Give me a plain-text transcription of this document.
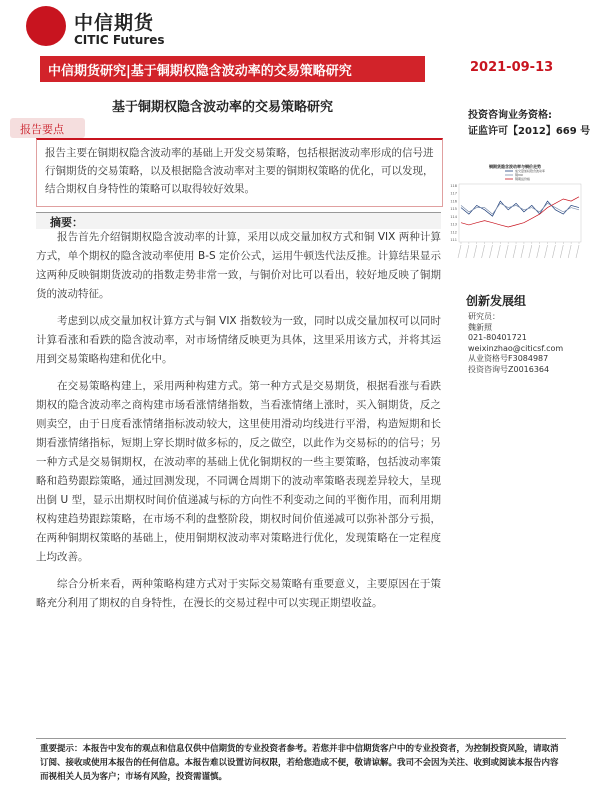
中信期货
CITIC Futures
中信期货研究|基于铜期权隐含波动率的交易策略研究	2021-09-13
基于铜期权隐含波动率的交易策略研究
投资咨询业务资格:
证监许可【2012】669 号
报告要点
报告主要在铜期权隐含波动率的基础上开发交易策略，包括根据波动率形成的信号进行铜期货的交易策略，以及根据隐含波动率对主要的铜期权策略的优化，可以发现，结合期权自身特性的策略可以取得较好效果。
铜期货隐含波动率与铜价走势
成交量加权隐含波动率
铜VIX
铜期货价格
118
117
116
115
114
113
112
111
摘要：

报告首先介绍铜期权隐含波动率的计算，采用以成交量加权方式和铜 VIX 两种计算方式，单个期权的隐含波动率使用 B-S 定价公式，运用牛顿迭代法反推。计算结果显示这两种反映铜期货波动的指数走势非常一致，与铜价对比可以看出，较好地反映了铜期货的波动特征。

考虑到以成交量加权计算方式与铜 VIX 指数较为一致，同时以成交量加权可以同时计算看涨和看跌的隐含波动率，对市场情绪反映更为具体，这里采用该方式，并将其运用到交易策略构建和优化中。

在交易策略构建上，采用两种构建方式。第一种方式是交易期货，根据看涨与看跌期权的隐含波动率之商构建市场看涨情绪指数，当看涨情绪上涨时，买入铜期货，反之则卖空，由于日度看涨情绪指标波动较大，这里使用滑动均线进行平滑，构造短期和长期看涨情绪指标，短期上穿长期时做多标的，反之做空，以此作为交易标的的信号；另一种方式是交易铜期权，在波动率的基础上优化铜期权的一些主要策略，包括波动率策略和趋势跟踪策略，通过回测发现，不同调仓周期下的波动率策略表现差异较大，呈现出倒 U 型，显示出期权时间价值递减与标的方向性不利变动之间的平衡作用，而利用期权构建趋势跟踪策略，在市场不利的盘整阶段，期权时间价值递减可以弥补部分亏损，在两种铜期权策略的基础上，使用铜期权波动率对策略进行优化，发现策略在一定程度上均改善。

综合分析来看，两种策略构建方式对于实际交易策略有重要意义，主要原因在于策略充分利用了期权的自身特性，在漫长的交易过程中可以实现正期望收益。

创新发展组
研究员：
魏新照
021-80401721
weixinzhao@citicsf.com
从业资格号F3084987
投资咨询号Z0016364
重要提示：本报告中发布的观点和信息仅供中信期货的专业投资者参考。若您并非中信期货客户中的专业投资者，为控制投资风险，请取消订阅、接收或使用本报告的任何信息。本报告难以设置访问权限，若给您造成不便，敬请谅解。我司不会因为关注、收到或阅读本报告内容而视相关人员为客户；市场有风险，投资需谨慎。
